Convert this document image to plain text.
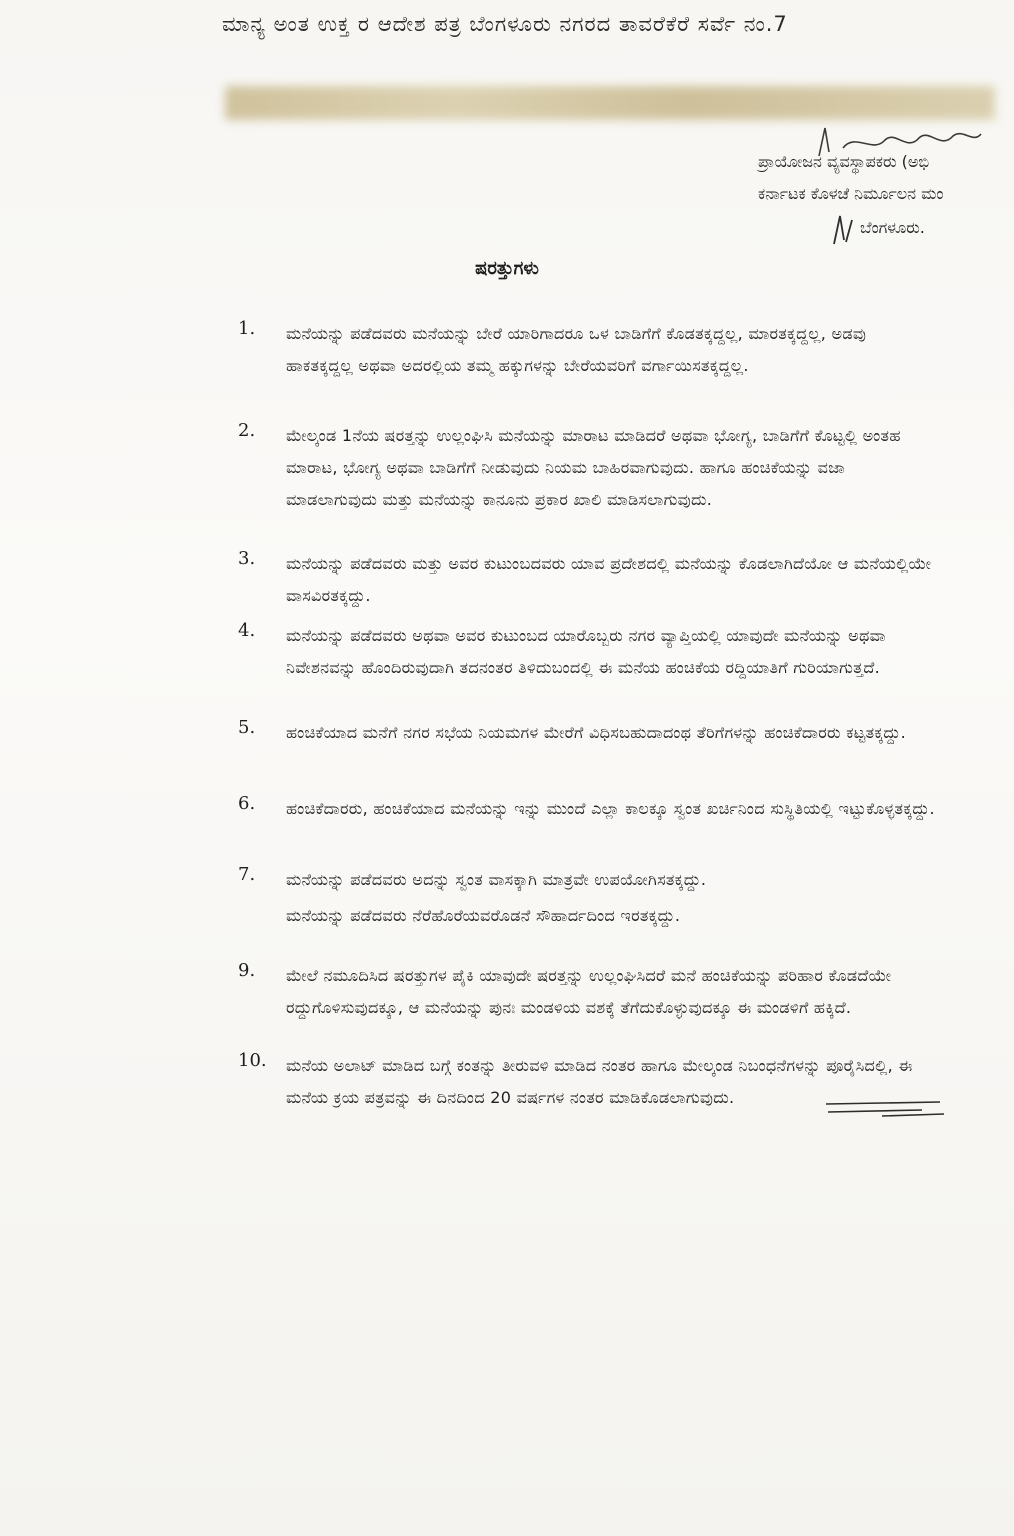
ಮಾನ್ಯ ಅಂತ ಉಕ್ತ ರ ಆದೇಶ ಪತ್ರ ಬೆಂಗಳೂರು ನಗರದ ತಾವರೆಕೆರೆ ಸರ್ವೆ ನಂ.7
ಪ್ರಾಯೋಜನ ವ್ಯವಸ್ಥಾಪಕರು (ಅಭಿ
ಕರ್ನಾಟಕ ಕೊಳಚೆ ನಿರ್ಮೂಲನ ಮಂ
ಬೆಂಗಳೂರು.
ಷರತ್ತುಗಳು
1.	ಮನೆಯನ್ನು ಪಡೆದವರು ಮನೆಯನ್ನು ಬೇರೆ ಯಾರಿಗಾದರೂ ಒಳ ಬಾಡಿಗೆಗೆ ಕೊಡತಕ್ಕದ್ದಲ್ಲ, ಮಾರತಕ್ಕದ್ದಲ್ಲ, ಅಡವು ಹಾಕತಕ್ಕದ್ದಲ್ಲ ಅಥವಾ ಅದರಲ್ಲಿಯ ತಮ್ಮ ಹಕ್ಕುಗಳನ್ನು ಬೇರೆಯವರಿಗೆ ವರ್ಗಾಯಿಸತಕ್ಕದ್ದಲ್ಲ.
2.	ಮೇಲ್ಕಂಡ 1ನೆಯ ಷರತ್ತನ್ನು ಉಲ್ಲಂಘಿಸಿ ಮನೆಯನ್ನು ಮಾರಾಟ ಮಾಡಿದರೆ ಅಥವಾ ಭೋಗ್ಯ, ಬಾಡಿಗೆಗೆ ಕೊಟ್ಟಲ್ಲಿ ಅಂತಹ ಮಾರಾಟ, ಭೋಗ್ಯ ಅಥವಾ ಬಾಡಿಗೆಗೆ ನೀಡುವುದು ನಿಯಮ ಬಾಹಿರವಾಗುವುದು. ಹಾಗೂ ಹಂಚಿಕೆಯನ್ನು ವಜಾ ಮಾಡಲಾಗುವುದು ಮತ್ತು ಮನೆಯನ್ನು ಕಾನೂನು ಪ್ರಕಾರ ಖಾಲಿ ಮಾಡಿಸಲಾಗುವುದು.
3.	ಮನೆಯನ್ನು ಪಡೆದವರು ಮತ್ತು ಅವರ ಕುಟುಂಬದವರು ಯಾವ ಪ್ರದೇಶದಲ್ಲಿ ಮನೆಯನ್ನು ಕೊಡಲಾಗಿದೆಯೋ ಆ ಮನೆಯಲ್ಲಿಯೇ ವಾಸವಿರತಕ್ಕದ್ದು.
4.	ಮನೆಯನ್ನು ಪಡೆದವರು ಅಥವಾ ಅವರ ಕುಟುಂಬದ ಯಾರೊಬ್ಬರು ನಗರ ವ್ಯಾಪ್ತಿಯಲ್ಲಿ ಯಾವುದೇ ಮನೆಯನ್ನು ಅಥವಾ ನಿವೇಶನವನ್ನು ಹೊಂದಿರುವುದಾಗಿ ತದನಂತರ ತಿಳಿದುಬಂದಲ್ಲಿ ಈ ಮನೆಯ ಹಂಚಿಕೆಯ ರದ್ದಿಯಾತಿಗೆ ಗುರಿಯಾಗುತ್ತದೆ.
5.	ಹಂಚಿಕೆಯಾದ ಮನೆಗೆ ನಗರ ಸಭೆಯ ನಿಯಮಗಳ ಮೇರೆಗೆ ವಿಧಿಸಬಹುದಾದಂಥ ತೆರಿಗೆಗಳನ್ನು ಹಂಚಿಕೆದಾರರು ಕಟ್ಟತಕ್ಕದ್ದು.
6.	ಹಂಚಿಕೆದಾರರು, ಹಂಚಿಕೆಯಾದ ಮನೆಯನ್ನು ಇನ್ನು ಮುಂದೆ ಎಲ್ಲಾ ಕಾಲಕ್ಕೂ ಸ್ವಂತ ಖರ್ಚಿನಿಂದ ಸುಸ್ಥಿತಿಯಲ್ಲಿ ಇಟ್ಟುಕೊಳ್ಳತಕ್ಕದ್ದು.
7.	ಮನೆಯನ್ನು ಪಡೆದವರು ಅದನ್ನು ಸ್ವಂತ ವಾಸಕ್ಕಾಗಿ ಮಾತ್ರವೇ ಉಪಯೋಗಿಸತಕ್ಕದ್ದು.
ಮನೆಯನ್ನು ಪಡೆದವರು ನೆರೆಹೊರೆಯವರೊಡನೆ ಸೌಹಾರ್ದದಿಂದ ಇರತಕ್ಕದ್ದು.
9.	ಮೇಲೆ ನಮೂದಿಸಿದ ಷರತ್ತುಗಳ ಪೈಕಿ ಯಾವುದೇ ಷರತ್ತನ್ನು ಉಲ್ಲಂಘಿಸಿದರೆ ಮನೆ ಹಂಚಿಕೆಯನ್ನು ಪರಿಹಾರ ಕೊಡದೆಯೇ ರದ್ದುಗೊಳಿಸುವುದಕ್ಕೂ, ಆ ಮನೆಯನ್ನು ಪುನಃ ಮಂಡಳಿಯ ವಶಕ್ಕೆ ತೆಗೆದುಕೊಳ್ಳುವುದಕ್ಕೂ ಈ ಮಂಡಳಿಗೆ ಹಕ್ಕಿದೆ.
10.	ಮನೆಯ ಅಲಾಟ್ ಮಾಡಿದ ಬಗ್ಗೆ ಕಂತನ್ನು ತೀರುವಳಿ ಮಾಡಿದ ನಂತರ ಹಾಗೂ ಮೇಲ್ಕಂಡ ನಿಬಂಧನೆಗಳನ್ನು ಪೂರೈಸಿದಲ್ಲಿ, ಈ ಮನೆಯ ಕ್ರಯ ಪತ್ರವನ್ನು ಈ ದಿನದಿಂದ 20 ವರ್ಷಗಳ ನಂತರ ಮಾಡಿಕೊಡಲಾಗುವುದು.
